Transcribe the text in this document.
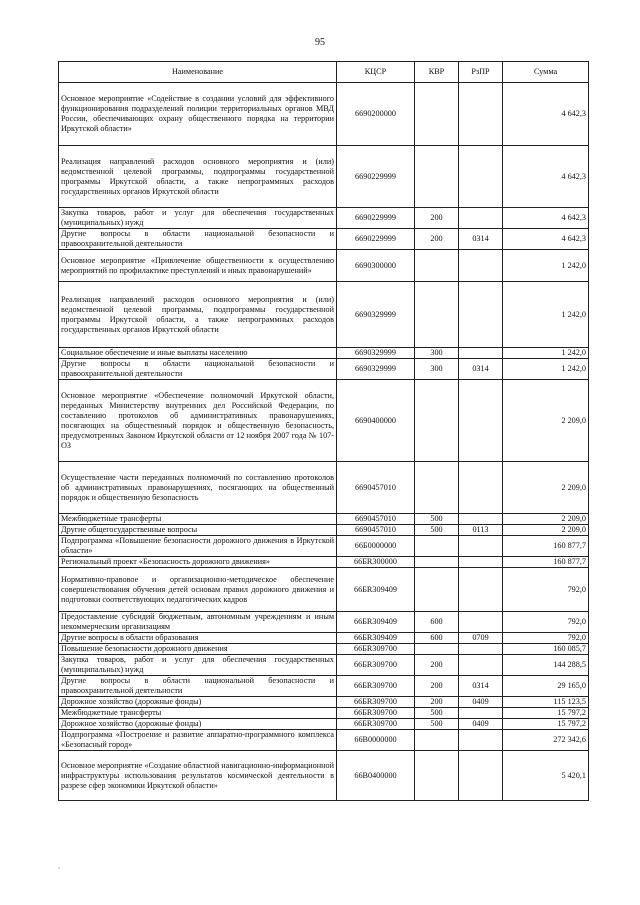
95
Наименование	КЦСР	КВР	РзПР	Сумма
Основное мероприятие «Содействие в создании условий для эффективного функционирования подразделений полиции территориальных органов МВД России, обеспечивающих охрану общественного порядка на территории Иркутской области»	6690200000			4 642,3
Реализация направлений расходов основного мероприятия и (или) ведомственной целевой программы, подпрограммы государственной программы Иркутской области, а также непрограммных расходов государственных органов Иркутской области	6690229999			4 642,3
Закупка товаров, работ и услуг для обеспечения государственных (муниципальных) нужд	6690229999	200		4 642,3
Другие вопросы в области национальной безопасности и правоохранительной деятельности	6690229999	200	0314	4 642,3
Основное мероприятие «Привлечение общественности к осуществлению мероприятий по профилактике преступлений и иных правонарушений»	6690300000			1 242,0
Реализация направлений расходов основного мероприятия и (или) ведомственной целевой программы, подпрограммы государственной программы Иркутской области, а также непрограммных расходов государственных органов Иркутской области	6690329999			1 242,0
Социальное обеспечение и иные выплаты населению	6690329999	300		1 242,0
Другие вопросы в области национальной безопасности и правоохранительной деятельности	6690329999	300	0314	1 242,0
Основное мероприятие «Обеспечение полномочий Иркутской области, переданных Министерству внутренних дел Российской Федерации, по составлению протоколов об административных правонарушениях, посягающих на общественный порядок и общественную безопасность, предусмотренных Законом Иркутской области от 12 ноября 2007 года № 107-ОЗ	6690400000			2 209,0
Осуществление части переданных полномочий по составлению протоколов об административных правонарушениях, посягающих на общественный порядок и общественную безопасность	6690457010			2 209,0
Межбюджетные трансферты	6690457010	500		2 209,0
Другие общегосударственные вопросы	6690457010	500	0113	2 209,0
Подпрограмма «Повышение безопасности дорожного движения в Иркутской области»	66Б0000000			160 877,7
Региональный проект «Безопасность дорожного движения»	66БR300000			160 877,7
Нормативно-правовое и организационно-методическое обеспечение совершенствования обучения детей основам правил дорожного движения и подготовки соответствующих педагогических кадров	66БR309409			792,0
Предоставление субсидий бюджетным, автономным учреждениям и иным некоммерческим организациям	66БR309409	600		792,0
Другие вопросы в области образования	66БR309409	600	0709	792,0
Повышение безопасности дорожного движения	66БR309700			160 085,7
Закупка товаров, работ и услуг для обеспечения государственных (муниципальных) нужд	66БR309700	200		144 288,5
Другие вопросы в области национальной безопасности и правоохранительной деятельности	66БR309700	200	0314	29 165,0
Дорожное хозяйство (дорожные фонды)	66БR309700	200	0409	115 123,5
Межбюджетные трансферты	66БR309700	500		15 797,2
Дорожное хозяйство (дорожные фонды)	66БR309700	500	0409	15 797,2
Подпрограмма «Построение и развитие аппаратно-программного комплекса «Безопасный город»	66В0000000			272 342,6
Основное мероприятие «Создание областной навигационно-информационной инфраструктуры использования результатов космической деятельности в разрезе сфер экономики Иркутской области»	66В0400000			5 420,1
ˇ
